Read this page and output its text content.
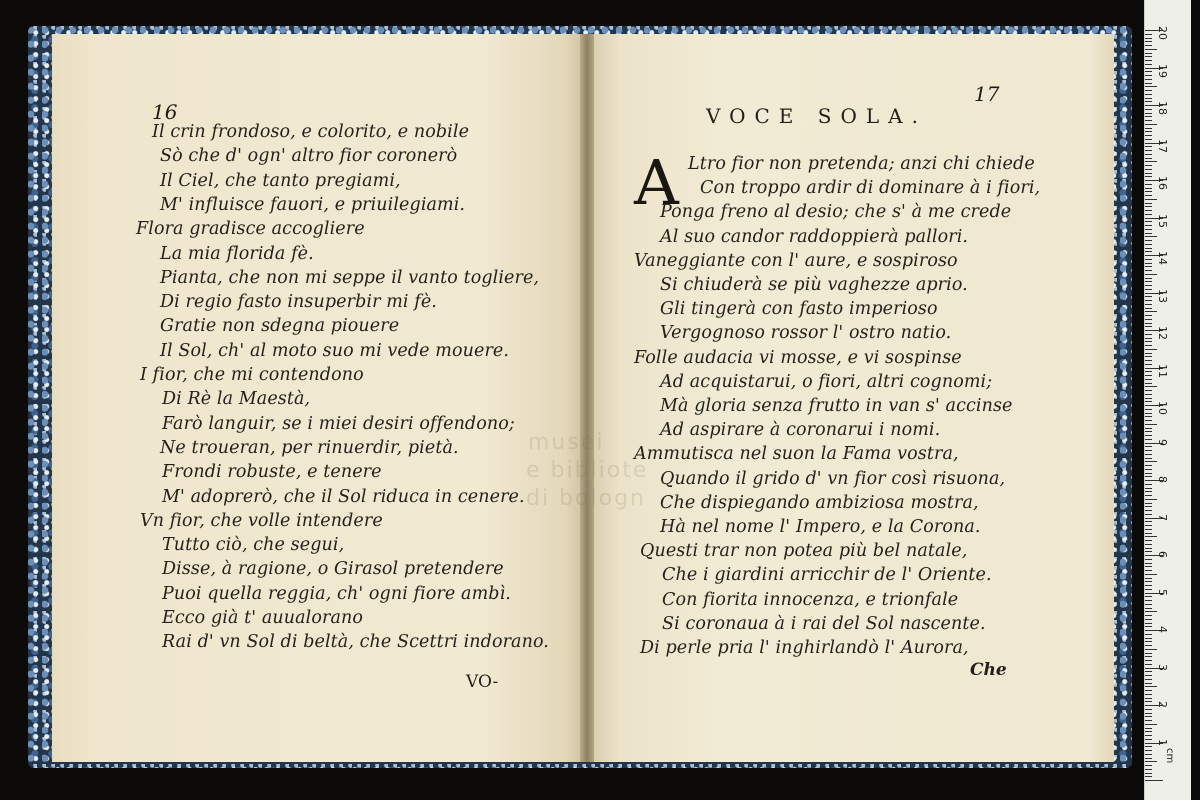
16
Il crin frondoso, e colorito, e nobile
Sò che d' ogn' altro fior coronerò
Il Ciel, che tanto pregiami,
M' influisce fauori, e priuilegiami.
Flora gradisce accogliere
La mia florida fè.
Pianta, che non mi seppe il vanto togliere,
Di regio fasto insuperbir mi fè.
Gratie non sdegna piouere
Il Sol, ch' al moto suo mi vede mouere.
I fior, che mi contendono
Di Rè la Maestà,
Farò languir, se i miei desiri offendono;
Ne troueran, per rinuerdir, pietà.
Frondi robuste, e tenere
M' adoprerò, che il Sol riduca in cenere.
Vn fior, che volle intendere
Tutto ciò, che segui,
Disse, à ragione, o Girasol pretendere
Puoi quella reggia, ch' ogni fiore ambì.
Ecco già t' auualorano
Rai d' vn Sol di beltà, che Scettri indorano.
VO-
17
VOCE SOLA.
A Ltro fior non pretenda; anzi chi chiede
Con troppo ardir di dominare à i fiori,
Ponga freno al desio; che s' à me crede
Al suo candor raddoppierà pallori.
Vaneggiante con l' aure, e sospiroso
Si chiuderà se più vaghezze aprio.
Gli tingerà con fasto imperioso
Vergognoso rossor l' ostro natio.
Folle audacia vi mosse, e vi sospinse
Ad acquistarui, o fiori, altri cognomi;
Mà gloria senza frutto in van s' accinse
Ad aspirare à coronarui i nomi.
Ammutisca nel suon la Fama vostra,
Quando il grido d' vn fior così risuona,
Che dispiegando ambiziosa mostra,
Hà nel nome l' Impero, e la Corona.
Questi trar non potea più bel natale,
Che i giardini arricchir de l' Oriente.
Con fiorita innocenza, e trionfale
Si coronaua à i rai del Sol nascente.
Di perle pria l' inghirlandò l' Aurora,
Che
musei
e bibliote
di bologn
cm
20
19
18
17
16
15
14
13
12
11
10
9
8
7
6
5
4
3
2
1
